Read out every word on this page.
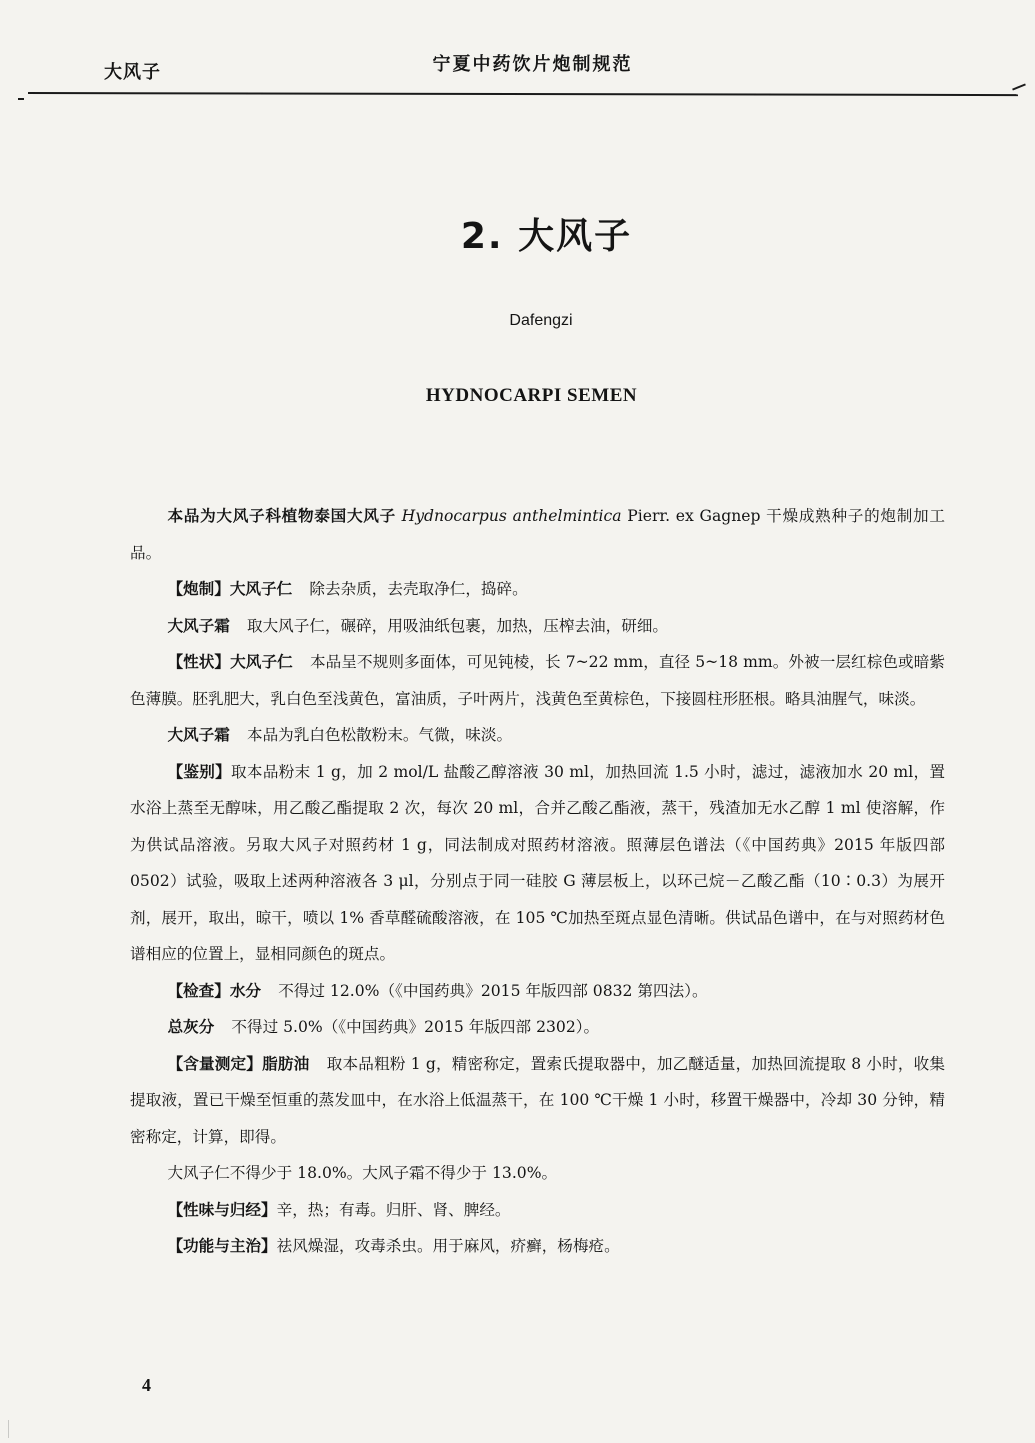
大风子	宁夏中药饮片炮制规范
2. 大风子
Dafengzi
HYDNOCARPI SEMEN

本品为大风子科植物泰国大风子 Hydnocarpus anthelmintica Pierr. ex Gagnep 干燥成熟种子的炮制加工品。

【炮制】大风子仁 除去杂质，去壳取净仁，捣碎。

大风子霜 取大风子仁，碾碎，用吸油纸包裹，加热，压榨去油，研细。

【性状】大风子仁 本品呈不规则多面体，可见钝棱，长 7~22 mm，直径 5~18 mm。外被一层红棕色或暗紫色薄膜。胚乳肥大，乳白色至浅黄色，富油质，子叶两片，浅黄色至黄棕色，下接圆柱形胚根。略具油腥气，味淡。

大风子霜 本品为乳白色松散粉末。气微，味淡。

【鉴别】取本品粉末 1 g，加 2 mol/L 盐酸乙醇溶液 30 ml，加热回流 1.5 小时，滤过，滤液加水 20 ml，置水浴上蒸至无醇味，用乙酸乙酯提取 2 次，每次 20 ml，合并乙酸乙酯液，蒸干，残渣加无水乙醇 1 ml 使溶解，作为供试品溶液。另取大风子对照药材 1 g，同法制成对照药材溶液。照薄层色谱法（《中国药典》2015 年版四部 0502）试验，吸取上述两种溶液各 3 μl，分别点于同一硅胶 G 薄层板上，以环己烷－乙酸乙酯（10∶0.3）为展开剂，展开，取出，晾干，喷以 1% 香草醛硫酸溶液，在 105 ℃加热至斑点显色清晰。供试品色谱中，在与对照药材色谱相应的位置上，显相同颜色的斑点。

【检查】水分 不得过 12.0%（《中国药典》2015 年版四部 0832 第四法）。

总灰分 不得过 5.0%（《中国药典》2015 年版四部 2302）。

【含量测定】脂肪油 取本品粗粉 1 g，精密称定，置索氏提取器中，加乙醚适量，加热回流提取 8 小时，收集提取液，置已干燥至恒重的蒸发皿中，在水浴上低温蒸干，在 100 ℃干燥 1 小时，移置干燥器中，冷却 30 分钟，精密称定，计算，即得。

大风子仁不得少于 18.0%。大风子霜不得少于 13.0%。

【性味与归经】辛，热；有毒。归肝、肾、脾经。

【功能与主治】祛风燥湿，攻毒杀虫。用于麻风，疥癣，杨梅疮。

4
